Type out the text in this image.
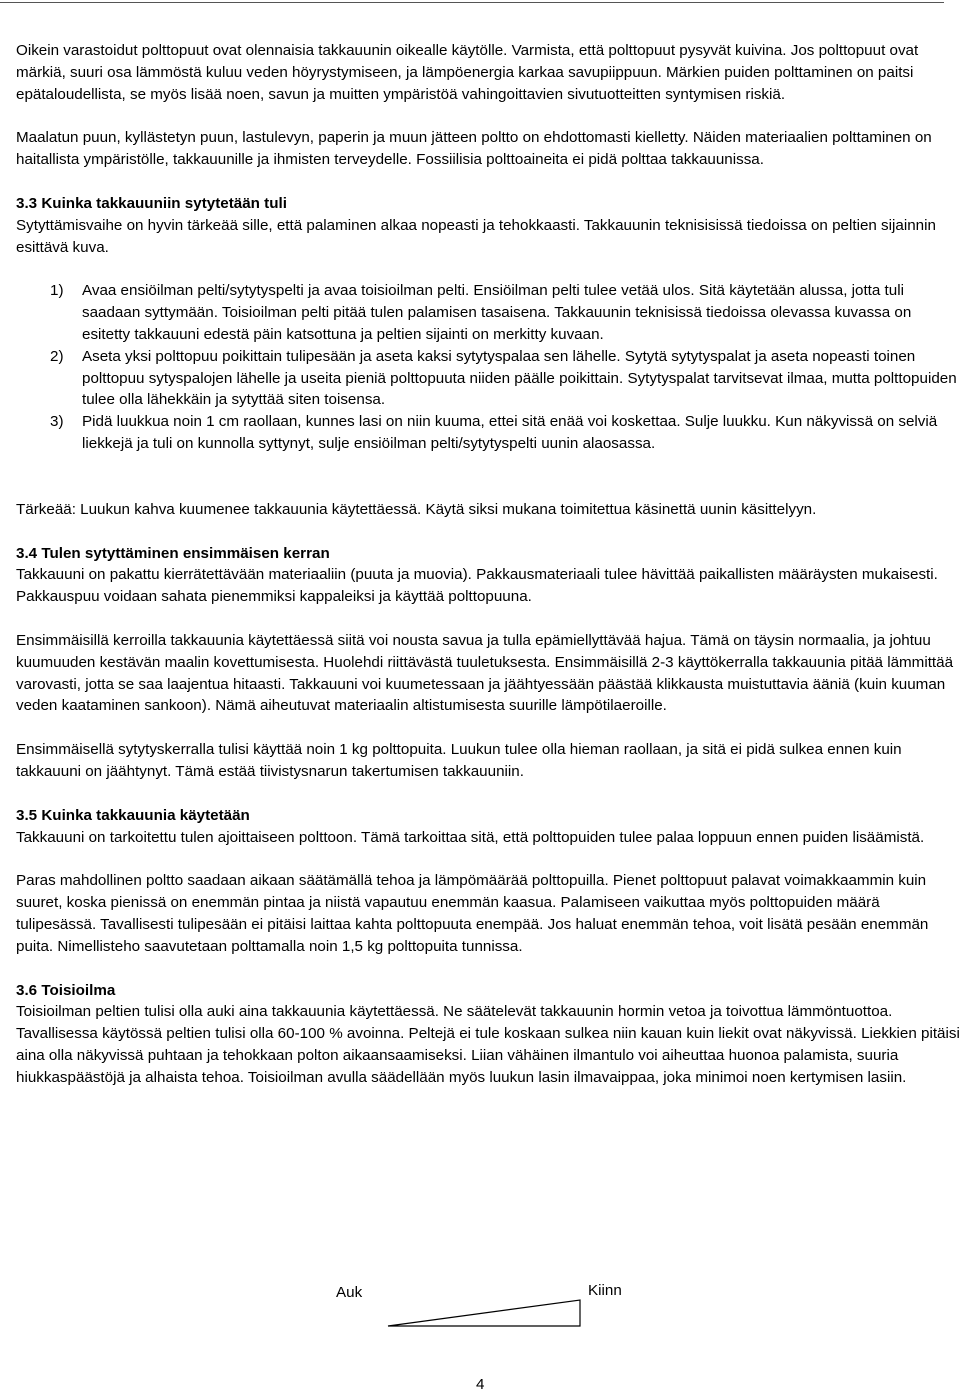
Oikein varastoidut polttopuut ovat olennaisia takkauunin oikealle käytölle. Varmista, että polttopuut pysyvät kuivina. Jos polttopuut ovat märkiä, suuri osa lämmöstä kuluu veden höyrystymiseen, ja lämpöenergia karkaa savupiippuun. Märkien puiden polttaminen on paitsi epätaloudellista, se myös lisää noen, savun ja muitten ympäristöä vahingoittavien sivutuotteitten syntymisen riskiä.

Maalatun puun, kyllästetyn puun, lastulevyn, paperin ja muun jätteen poltto on ehdottomasti kielletty. Näiden materiaalien polttaminen on haitallista ympäristölle, takkauunille ja ihmisten terveydelle. Fossiilisia polttoaineita ei pidä polttaa takkauunissa.

3.3 Kuinka takkauuniin sytytetään tuli

Sytyttämisvaihe on hyvin tärkeää sille, että palaminen alkaa nopeasti ja tehokkaasti. Takkauunin teknisisissä tiedoissa on peltien sijainnin esittävä kuva.

1) Avaa ensiöilman pelti/sytytyspelti ja avaa toisioilman pelti. Ensiöilman pelti tulee vetää ulos. Sitä käytetään alussa, jotta tuli saadaan syttymään. Toisioilman pelti pitää tulen palamisen tasaisena. Takkauunin teknisissä tiedoissa olevassa kuvassa on esitetty takkauuni edestä päin katsottuna ja peltien sijainti on merkitty kuvaan.
2) Aseta yksi polttopuu poikittain tulipesään ja aseta kaksi sytytyspalaa sen lähelle. Sytytä sytytyspalat ja aseta nopeasti toinen polttopuu sytyspalojen lähelle ja useita pieniä polttopuuta niiden päälle poikittain. Sytytyspalat tarvitsevat ilmaa, mutta polttopuiden tulee olla lähekkäin ja sytyttää siten toisensa.
3) Pidä luukkua noin 1 cm raollaan, kunnes lasi on niin kuuma, ettei sitä enää voi koskettaa. Sulje luukku. Kun näkyvissä on selviä liekkejä ja tuli on kunnolla syttynyt, sulje ensiöilman pelti/sytytyspelti uunin alaosassa.

Tärkeää: Luukun kahva kuumenee takkauunia käytettäessä. Käytä siksi mukana toimitettua käsinettä uunin käsittelyyn.

3.4 Tulen sytyttäminen ensimmäisen kerran

Takkauuni on pakattu kierrätettävään materiaaliin (puuta ja muovia). Pakkausmateriaali tulee hävittää paikallisten määräysten mukaisesti. Pakkauspuu voidaan sahata pienemmiksi kappaleiksi ja käyttää polttopuuna.

Ensimmäisillä kerroilla takkauunia käytettäessä siitä voi nousta savua ja tulla epämiellyttävää hajua. Tämä on täysin normaalia, ja johtuu kuumuuden kestävän maalin kovettumisesta. Huolehdi riittävästä tuuletuksesta. Ensimmäisillä 2-3 käyttökerralla takkauunia pitää lämmittää varovasti, jotta se saa laajentua hitaasti. Takkauuni voi kuumetessaan ja jäähtyessään päästää klikkausta muistuttavia ääniä (kuin kuuman veden kaataminen sankoon). Nämä aiheutuvat materiaalin altistumisesta suurille lämpötilaeroille.

Ensimmäisellä sytytyskerralla tulisi käyttää noin 1 kg polttopuita. Luukun tulee olla hieman raollaan, ja sitä ei pidä sulkea ennen kuin takkauuni on jäähtynyt. Tämä estää tiivistysnarun takertumisen takkauuniin.

3.5 Kuinka takkauunia käytetään

Takkauuni on tarkoitettu tulen ajoittaiseen polttoon. Tämä tarkoittaa sitä, että polttopuiden tulee palaa loppuun ennen puiden lisäämistä.

Paras mahdollinen poltto saadaan aikaan säätämällä tehoa ja lämpömäärää polttopuilla. Pienet polttopuut palavat voimakkaammin kuin suuret, koska pienissä on enemmän pintaa ja niistä vapautuu enemmän kaasua. Palamiseen vaikuttaa myös polttopuiden määrä tulipesässä. Tavallisesti tulipesään ei pitäisi laittaa kahta polttopuuta enempää. Jos haluat enemmän tehoa, voit lisätä pesään enemmän puita. Nimellisteho saavutetaan polttamalla noin 1,5 kg polttopuita tunnissa.

3.6 Toisioilma

Toisioilman peltien tulisi olla auki aina takkauunia käytettäessä. Ne säätelevät takkauunin hormin vetoa ja toivottua lämmöntuottoa. Tavallisessa käytössä peltien tulisi olla 60-100 % avoinna. Peltejä ei tule koskaan sulkea niin kauan kuin liekit ovat näkyvissä. Liekkien pitäisi aina olla näkyvissä puhtaan ja tehokkaan polton aikaansaamiseksi. Liian vähäinen ilmantulo voi aiheuttaa huonoa palamista, suuria hiukkaspäästöjä ja alhaista tehoa. Toisioilman avulla säädellään myös luukun lasin ilmavaippaa, joka minimoi noen kertymisen lasiin.

Auk	Kiinn
4
